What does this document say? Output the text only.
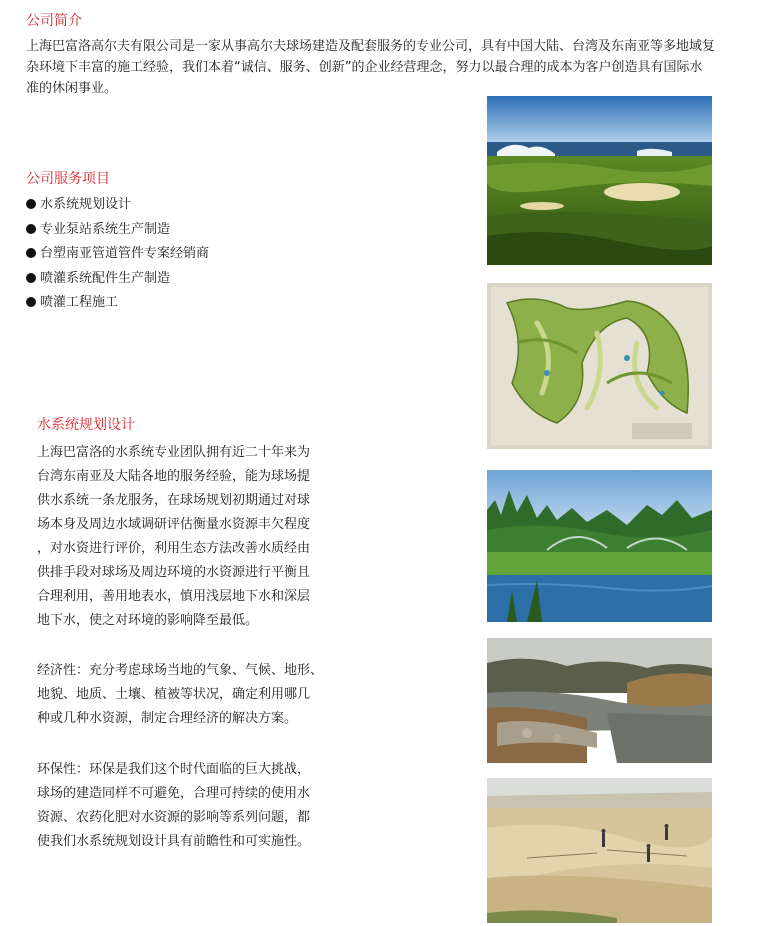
公司简介
上海巴富洛高尔夫有限公司是一家从事高尔夫球场建造及配套服务的专业公司，具有中国大陆、台湾及东南亚等多地域复
杂环境下丰富的施工经验，我们本着“诚信、服务、创新”的企业经营理念，努力以最合理的成本为客户创造具有国际水
准的休闲事业。
公司服务项目
水系统规划设计
专业泵站系统生产制造
台塑南亚管道管件专案经销商
喷灌系统配件生产制造
喷灌工程施工
水系统规划设计
上海巴富洛的水系统专业团队拥有近二十年来为
台湾东南亚及大陆各地的服务经验，能为球场提
供水系统一条龙服务，在球场规划初期通过对球
场本身及周边水域调研评估衡量水资源丰欠程度
，对水资进行评价，利用生态方法改善水质经由
供排手段对球场及周边环境的水资源进行平衡且
合理利用，善用地表水，慎用浅层地下水和深层
地下水，使之对环境的影响降至最低。
经济性：充分考虑球场当地的气象、气候、地形、
地貌、地质、土壤、植被等状况，确定利用哪几
种或几种水资源，制定合理经济的解决方案。
环保性：环保是我们这个时代面临的巨大挑战，
球场的建造同样不可避免，合理可持续的使用水
资源、农药化肥对水资源的影响等系列问题，都
使我们水系统规划设计具有前瞻性和可实施性。
